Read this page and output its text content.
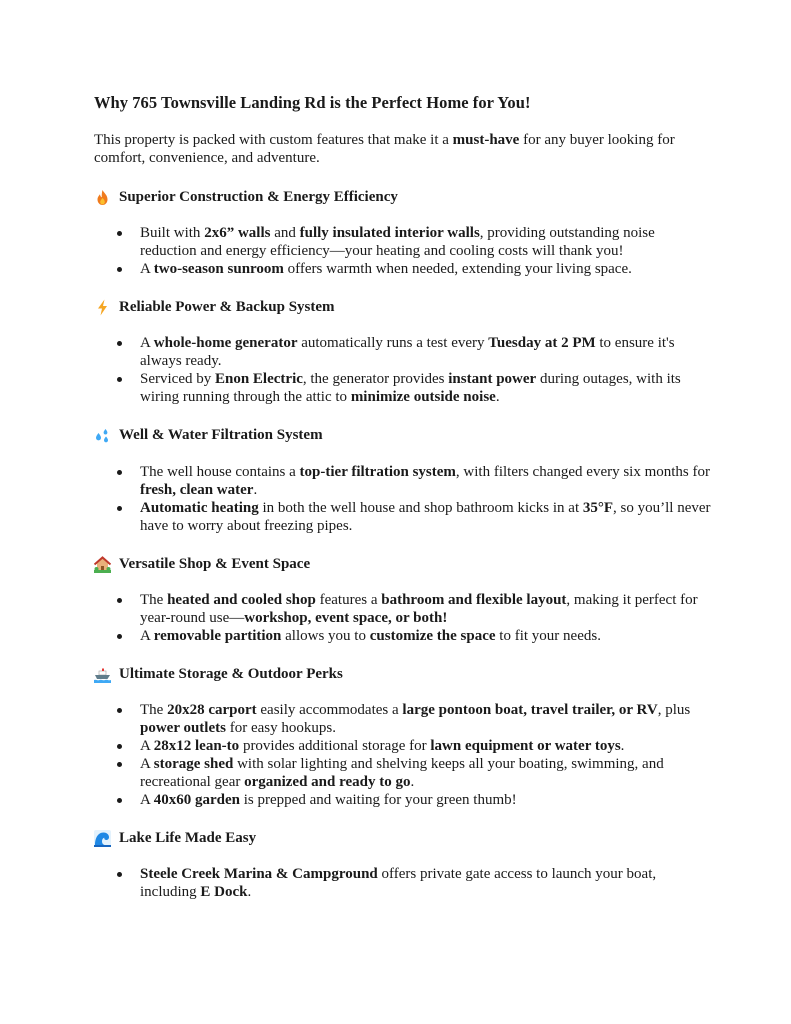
Why 765 Townsville Landing Rd is the Perfect Home for You!

This property is packed with custom features that make it a must-have for any buyer looking for comfort, convenience, and adventure.

Superior Construction & Energy Efficiency
Built with 2x6” walls and fully insulated interior walls, providing outstanding noise reduction and energy efficiency—your heating and cooling costs will thank you!
A two-season sunroom offers warmth when needed, extending your living space.
Reliable Power & Backup System
A whole-home generator automatically runs a test every Tuesday at 2 PM to ensure it's always ready.
Serviced by Enon Electric, the generator provides instant power during outages, with its wiring running through the attic to minimize outside noise.
Well & Water Filtration System
The well house contains a top-tier filtration system, with filters changed every six months for fresh, clean water.
Automatic heating in both the well house and shop bathroom kicks in at 35°F, so you’ll never have to worry about freezing pipes.
Versatile Shop & Event Space
The heated and cooled shop features a bathroom and flexible layout, making it perfect for year-round use—workshop, event space, or both!
A removable partition allows you to customize the space to fit your needs.
Ultimate Storage & Outdoor Perks
The 20x28 carport easily accommodates a large pontoon boat, travel trailer, or RV, plus power outlets for easy hookups.
A 28x12 lean-to provides additional storage for lawn equipment or water toys.
A storage shed with solar lighting and shelving keeps all your boating, swimming, and recreational gear organized and ready to go.
A 40x60 garden is prepped and waiting for your green thumb!
Lake Life Made Easy
Steele Creek Marina & Campground offers private gate access to launch your boat, including E Dock.
